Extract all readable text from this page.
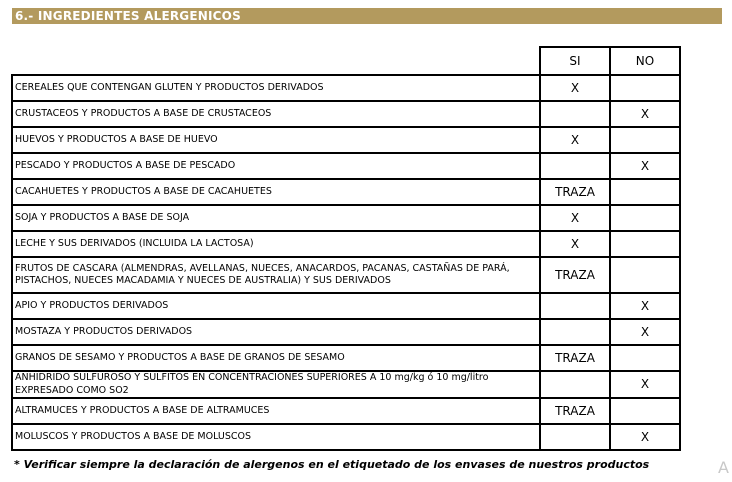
6.- INGREDIENTES ALERGENICOS
	SI	NO
CEREALES QUE CONTENGAN GLUTEN Y PRODUCTOS DERIVADOS	X	
CRUSTACEOS Y PRODUCTOS A BASE DE CRUSTACEOS		X
HUEVOS Y PRODUCTOS A BASE DE HUEVO	X	
PESCADO Y PRODUCTOS A BASE DE PESCADO		X
CACAHUETES Y PRODUCTOS A BASE DE CACAHUETES	TRAZA	
SOJA Y PRODUCTOS A BASE DE SOJA	X	
LECHE Y SUS DERIVADOS (INCLUIDA LA LACTOSA)	X	
FRUTOS DE CASCARA (ALMENDRAS, AVELLANAS, NUECES, ANACARDOS, PACANAS, CASTAÑAS DE PARÁ, PISTACHOS, NUECES MACADAMIA Y NUECES DE AUSTRALIA) Y SUS DERIVADOS	TRAZA	
APIO Y PRODUCTOS DERIVADOS		X
MOSTAZA Y PRODUCTOS DERIVADOS		X
GRANOS DE SESAMO Y PRODUCTOS A BASE DE GRANOS DE SESAMO	TRAZA	
ANHIDRIDO SULFUROSO Y SULFITOS EN CONCENTRACIONES SUPERIORES A 10 mg/kg ó 10 mg/litro EXPRESADO COMO SO2		X
ALTRAMUCES Y PRODUCTOS A BASE DE ALTRAMUCES	TRAZA	
MOLUSCOS Y PRODUCTOS A BASE DE MOLUSCOS		X
* Verificar siempre la declaración de alergenos en el etiquetado de los envases de nuestros productos	A
